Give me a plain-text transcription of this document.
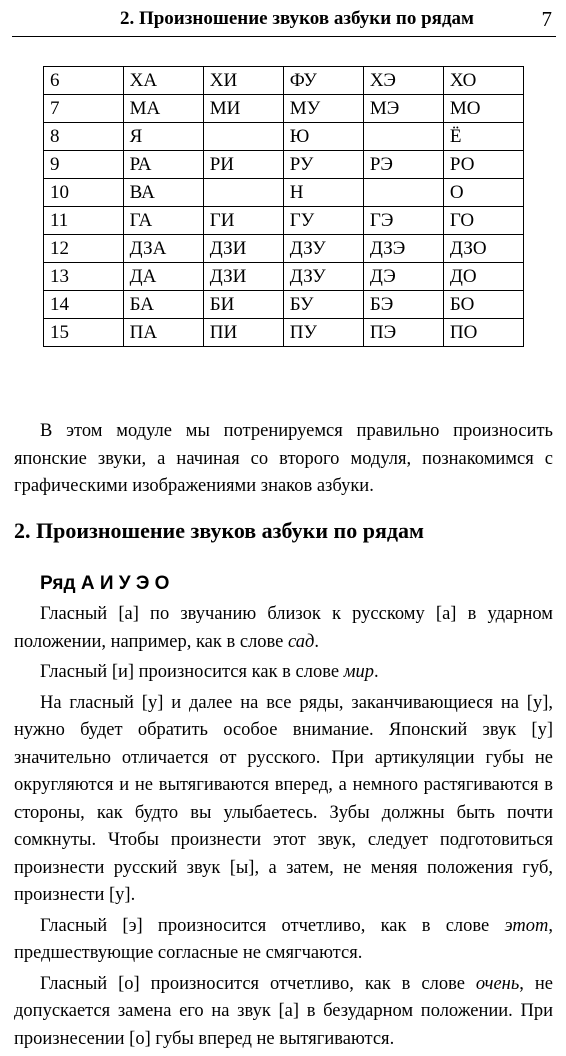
2. Произношение звуков азбуки по рядам	7
6	ХА	ХИ	ФУ	ХЭ	ХО
7	МА	МИ	МУ	МЭ	МО
8	Я		Ю		Ё
9	РА	РИ	РУ	РЭ	РО
10	ВА		Н		О
11	ГА	ГИ	ГУ	ГЭ	ГО
12	ДЗА	ДЗИ	ДЗУ	ДЗЭ	ДЗО
13	ДА	ДЗИ	ДЗУ	ДЭ	ДО
14	БА	БИ	БУ	БЭ	БО
15	ПА	ПИ	ПУ	ПЭ	ПО

В этом модуле мы потренируемся правильно произносить японские звуки, а начиная со второго модуля, познакомимся с графическими изображениями знаков азбуки.

2. Произношение звуков азбуки по рядам

Ряд А И У Э О

Гласный [а] по звучанию близок к русскому [а] в ударном положении, например, как в слове сад.

Гласный [и] произносится как в слове мир.

На гласный [у] и далее на все ряды, заканчивающиеся на [у], нужно будет обратить особое внимание. Японский звук [у] значительно отличается от русского. При артикуляции губы не округляются и не вытягиваются вперед, а немного растягиваются в стороны, как будто вы улыбаетесь. Зубы должны быть почти сомкнуты. Чтобы произнести этот звук, следует подготовиться произнести русский звук [ы], а затем, не меняя положения губ, произнести [у].

Гласный [э] произносится отчетливо, как в слове этот, предшествующие согласные не смягчаются.

Гласный [о] произносится отчетливо, как в слове очень, не допускается замена его на звук [а] в безударном положении. При произнесении [о] губы вперед не вытягиваются.
